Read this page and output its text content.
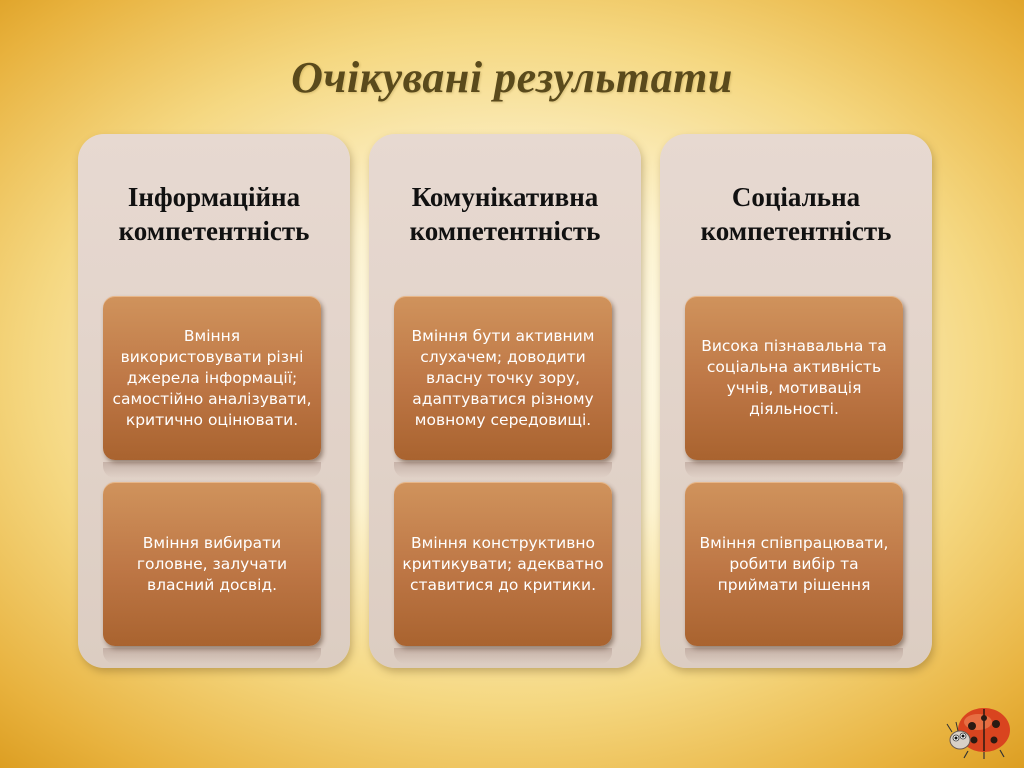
Очікувані результати
Інформаційна
компетентність
Вміння використовувати різні джерела інформації; самостійно аналізувати, критично оцінювати.
Вміння вибирати головне, залучати власний досвід.
Комунікативна
компетентність
Вміння бути активним слухачем; доводити власну точку зору, адаптуватися різному мовному середовищі.
Вміння конструктивно критикувати; адекватно ставитися до критики.
Соціальна
компетентність
Висока пізнавальна та соціальна активність учнів, мотивація діяльності.
Вміння співпрацювати, робити вибір та приймати рішення
